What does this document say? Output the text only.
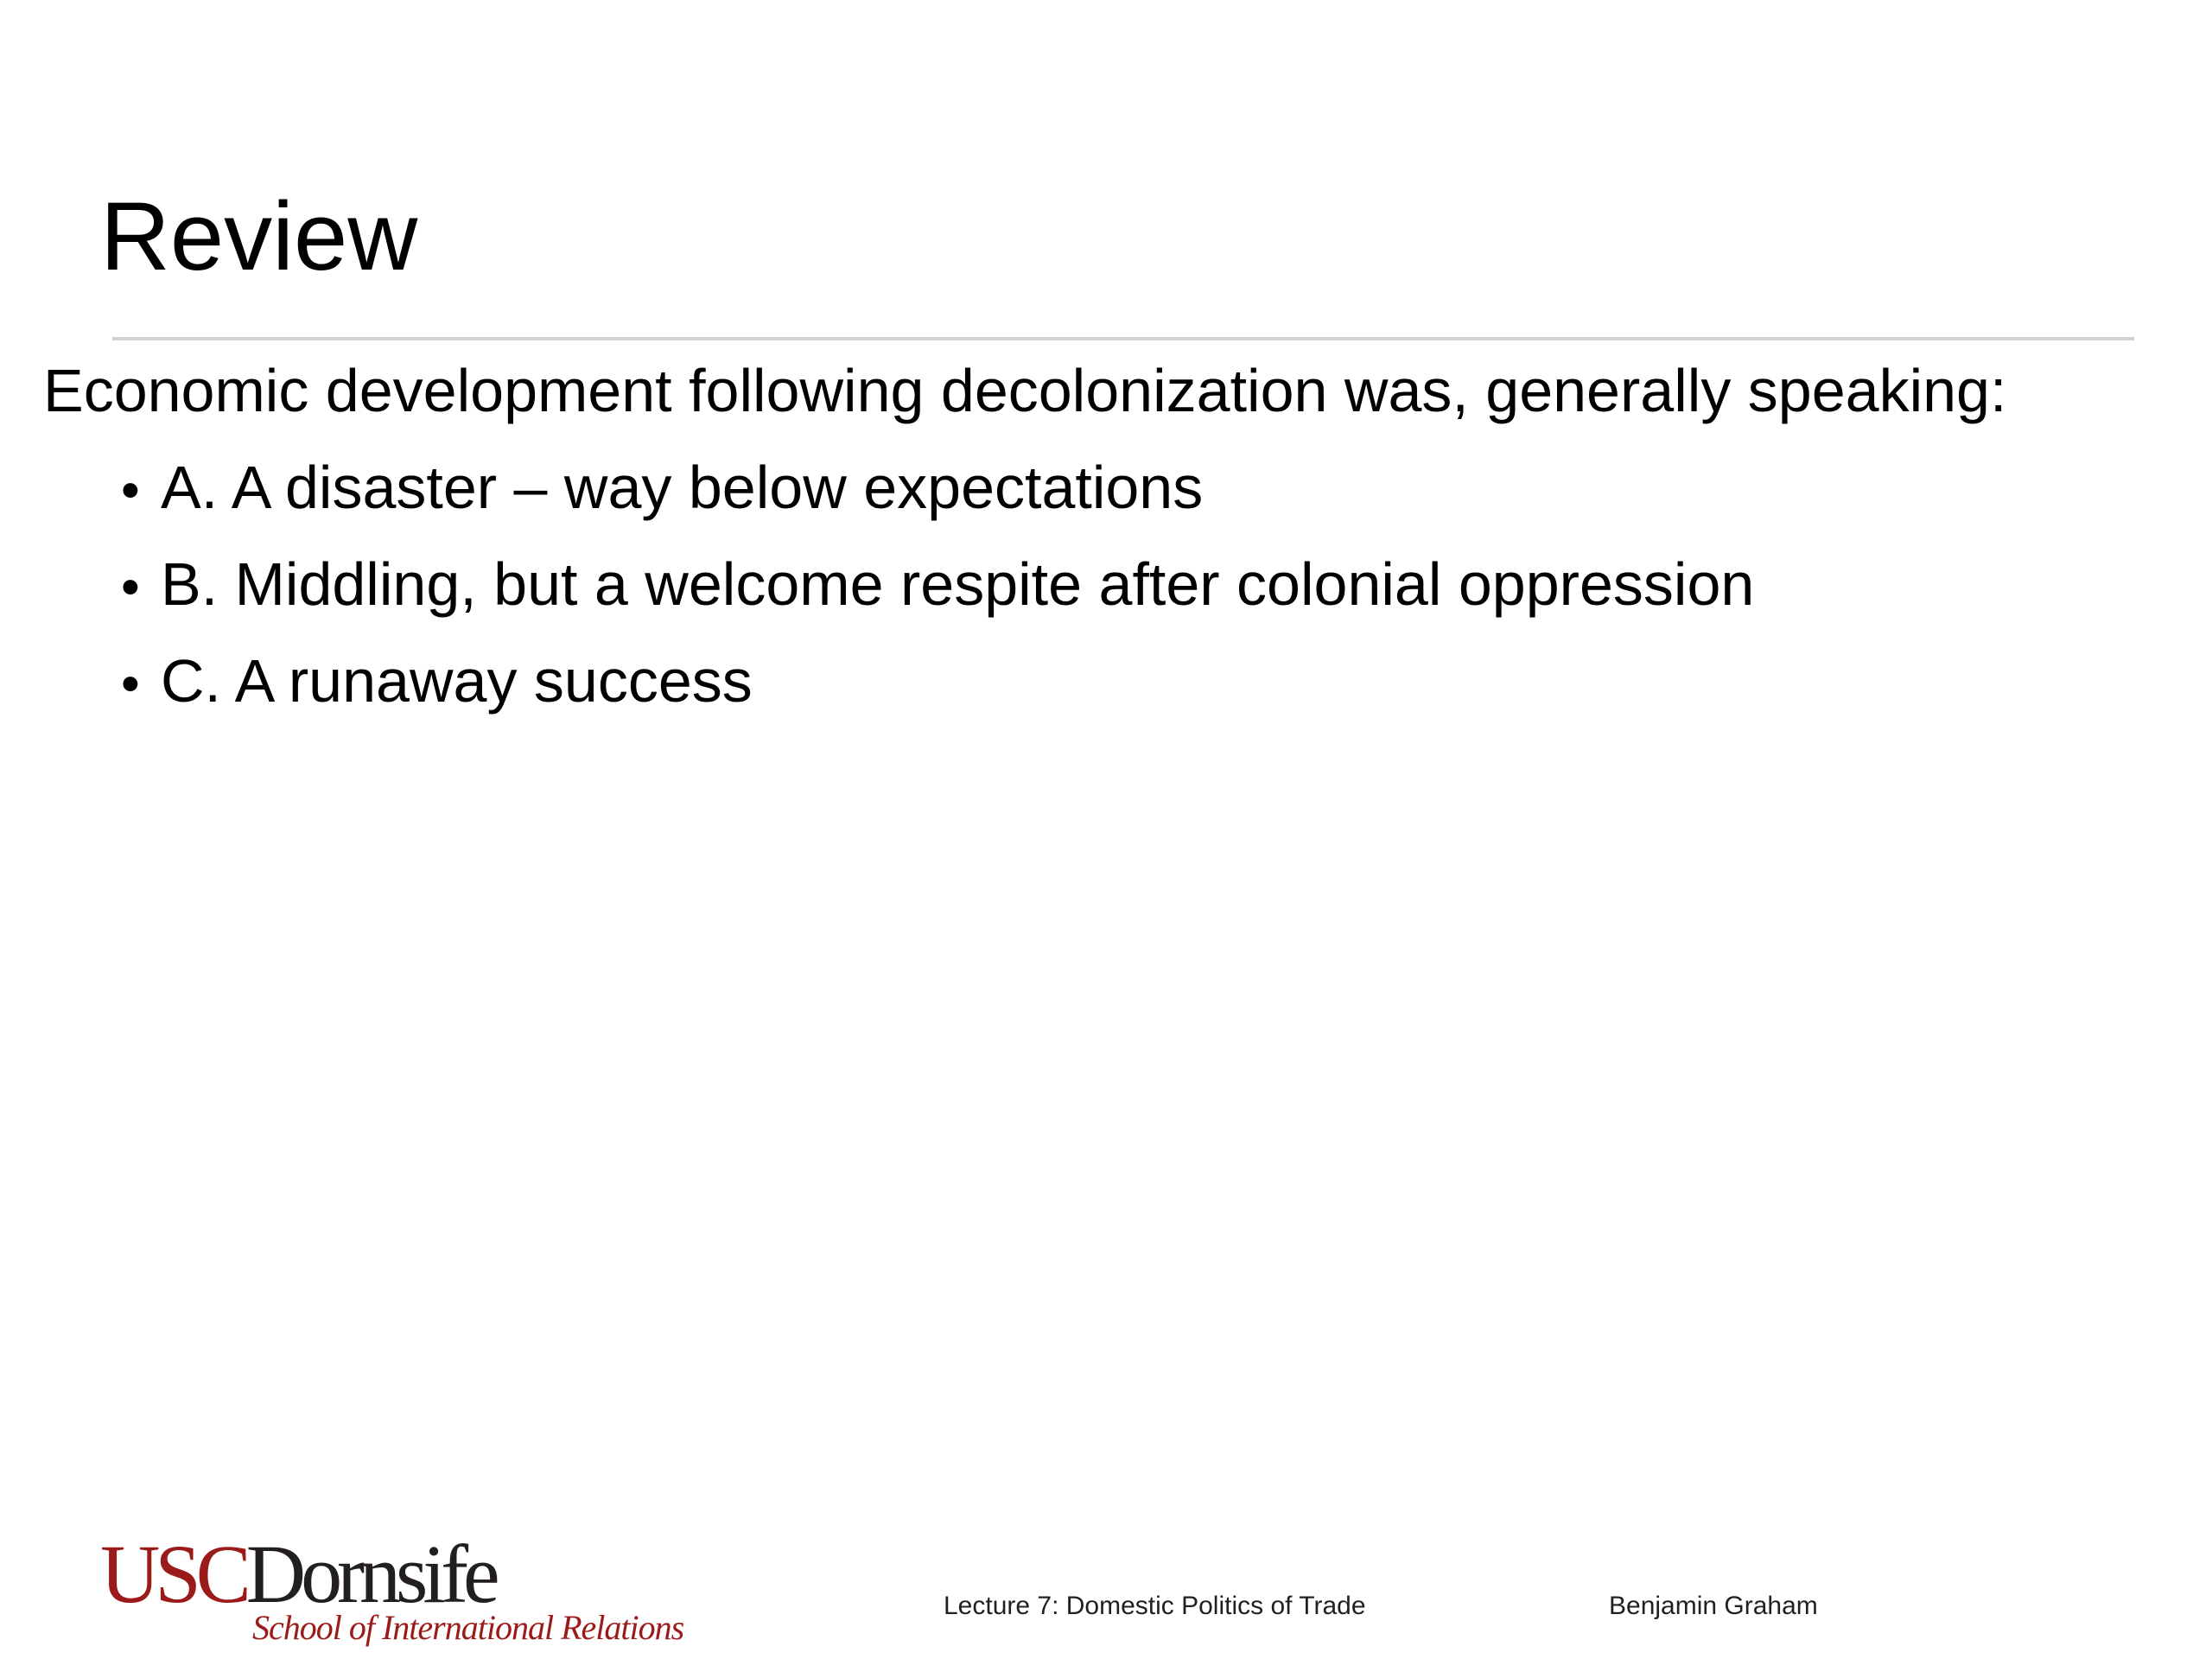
Review

Economic development following decolonization was, generally speaking:

• A. A disaster – way below expectations
• B. Middling, but a welcome respite after colonial oppression
• C. A runaway success
USCDornsife
School of International Relations
Lecture 7: Domestic Politics of Trade	Benjamin Graham
